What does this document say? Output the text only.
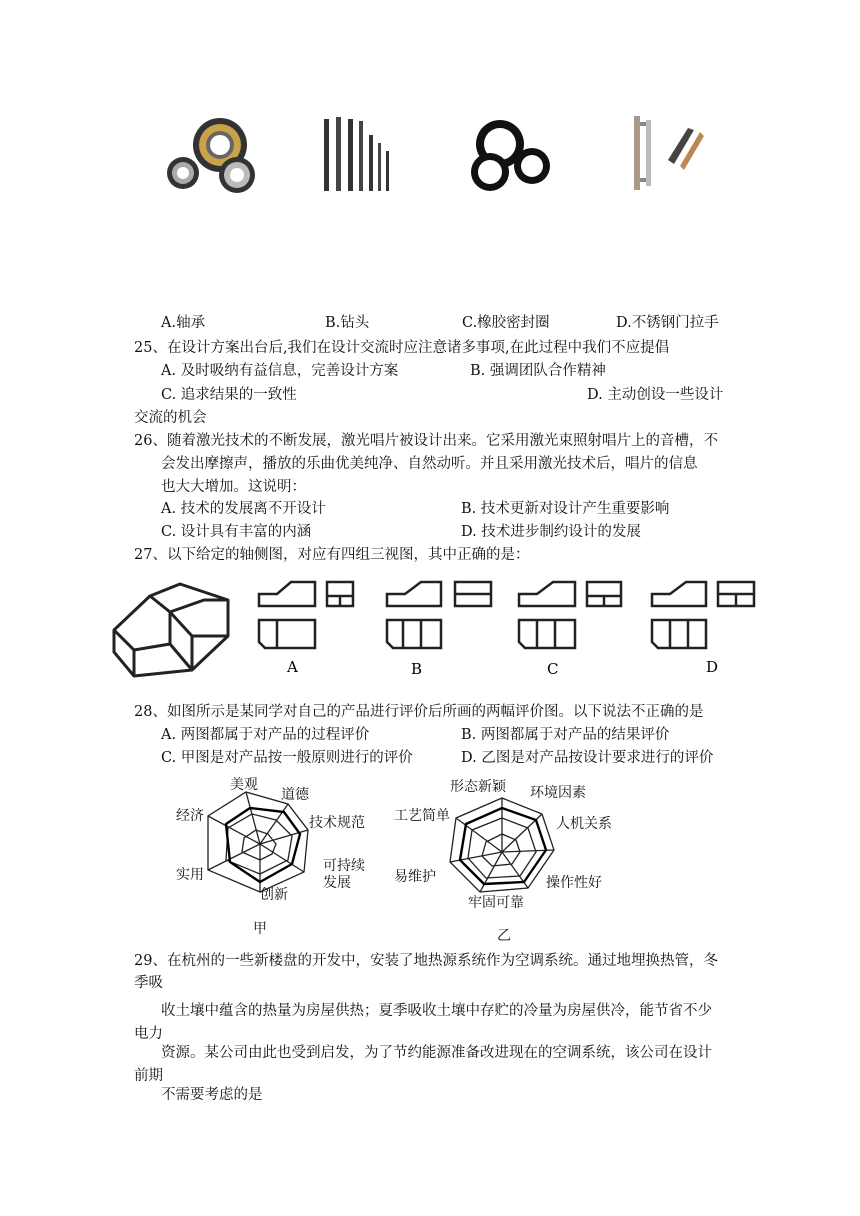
A.轴承	B.钻头	C.橡胶密封圈	D.不锈钢门拉手
25、在设计方案出台后,我们在设计交流时应注意诸多事项,在此过程中我们不应提倡
A. 及时吸纳有益信息，完善设计方案	B. 强调团队合作精神
C. 追求结果的一致性	D. 主动创设一些设计
交流的机会
26、随着激光技术的不断发展，激光唱片被设计出来。它采用激光束照射唱片上的音槽，不
会发出摩擦声，播放的乐曲优美纯净、自然动听。并且采用激光技术后，唱片的信息
也大大增加。这说明：
A. 技术的发展离不开设计	B. 技术更新对设计产生重要影响
C. 设计具有丰富的内涵	D. 技术进步制约设计的发展
27、以下给定的轴侧图，对应有四组三视图，其中正确的是：
A	B	C	D
28、如图所示是某同学对自己的产品进行评价后所画的两幅评价图。以下说法不正确的是
A. 两图都属于对产品的过程评价	B. 两图都属于对产品的结果评价
C. 甲图是对产品按一般原则进行的评价	D. 乙图是对产品按设计要求进行的评价
美观
道德
技术规范
可持续
发展
创新
实用
经济
甲
形态新颖 环境因素
人机关系
操作性好
牢固可靠
易维护
工艺简单
乙
29、在杭州的一些新楼盘的开发中，安装了地热源系统作为空调系统。通过地埋换热管，冬
季吸
收土壤中蕴含的热量为房屋供热；夏季吸收土壤中存贮的冷量为房屋供冷，能节省不少
电力
资源。某公司由此也受到启发，为了节约能源准备改进现在的空调系统，该公司在设计
前期
不需要考虑的是
